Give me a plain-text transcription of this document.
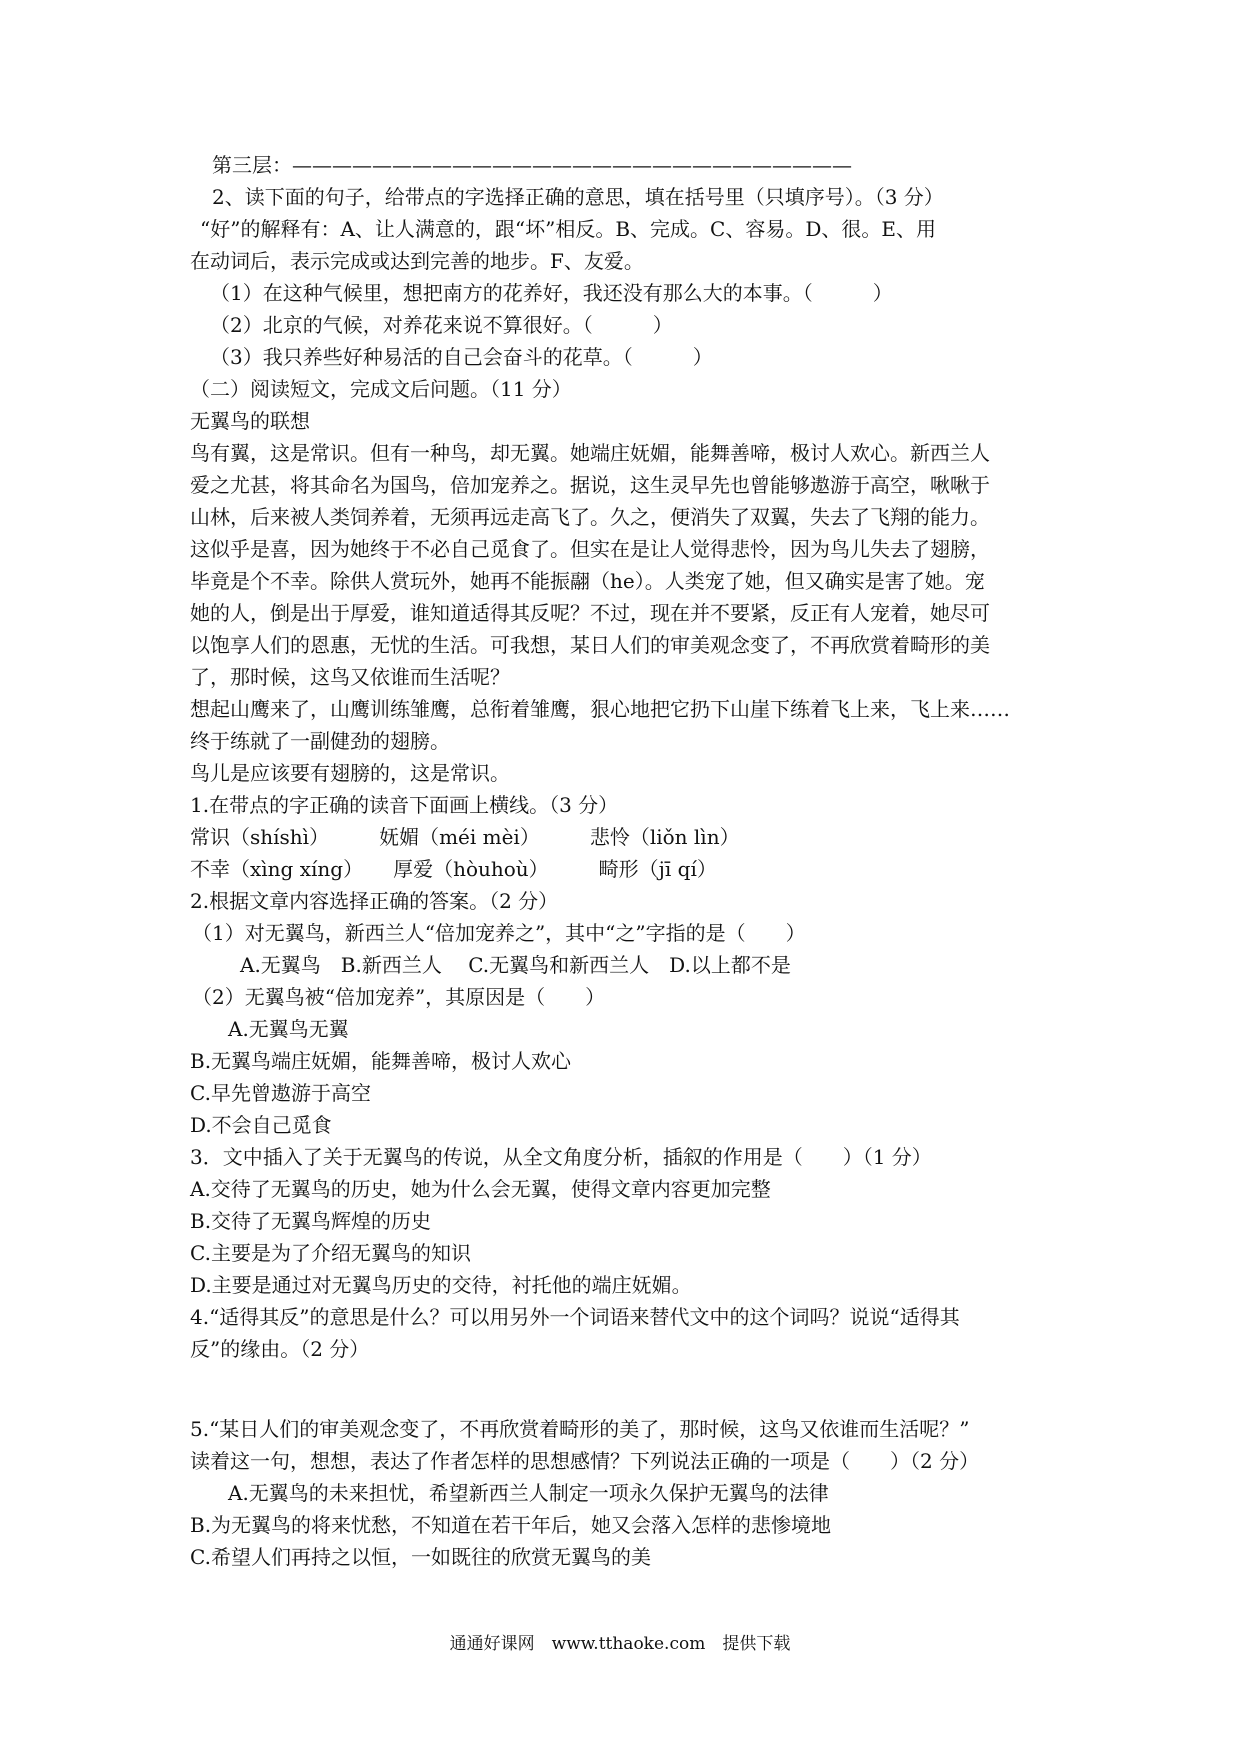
第三层：————————————————————————————
2、读下面的句子，给带点的字选择正确的意思，填在括号里（只填序号）。（3 分）
“好”的解释有：A、让人满意的，跟“坏”相反。B、完成。C、容易。D、很。E、用
在动词后，表示完成或达到完善的地步。F、友爱。
（1）在这种气候里，想把南方的花养好，我还没有那么大的本事。（　　　）
（2）北京的气候，对养花来说不算很好。（　　　）
（3）我只养些好种易活的自己会奋斗的花草。（　　　）
（二）阅读短文，完成文后问题。（11 分）
无翼鸟的联想
鸟有翼，这是常识。但有一种鸟，却无翼。她端庄妩媚，能舞善啼，极讨人欢心。新西兰人
爱之尤甚，将其命名为国鸟，倍加宠养之。据说，这生灵早先也曾能够遨游于高空，啾啾于
山林，后来被人类饲养着，无须再远走高飞了。久之，便消失了双翼，失去了飞翔的能力。
这似乎是喜，因为她终于不必自己觅食了。但实在是让人觉得悲怜，因为鸟儿失去了翅膀，
毕竟是个不幸。除供人赏玩外，她再不能振翮（he）。人类宠了她，但又确实是害了她。宠
她的人，倒是出于厚爱，谁知道适得其反呢？不过，现在并不要紧，反正有人宠着，她尽可
以饱享人们的恩惠，无忧的生活。可我想，某日人们的审美观念变了，不再欣赏着畸形的美
了，那时候，这鸟又依谁而生活呢？
想起山鹰来了，山鹰训练雏鹰，总衔着雏鹰，狠心地把它扔下山崖下练着飞上来，飞上来……
终于练就了一副健劲的翅膀。
鸟儿是应该要有翅膀的，这是常识。
1.在带点的字正确的读音下面画上横线。（3 分）
常识（shíshì）　　　妩媚（méi mèi）　　　悲怜（liǒn lìn）
不幸（xìng xíng）　　厚爱（hòuhoù）　　　畸形（jī qí）
2.根据文章内容选择正确的答案。（2 分）
（1）对无翼鸟，新西兰人“倍加宠养之”，其中“之”字指的是（　　）
A.无翼鸟　B.新西兰人　 C.无翼鸟和新西兰人　D.以上都不是
（2）无翼鸟被“倍加宠养”，其原因是（　　）
A.无翼鸟无翼
B.无翼鸟端庄妩媚，能舞善啼，极讨人欢心
C.早先曾遨游于高空
D.不会自己觅食
3．文中插入了关于无翼鸟的传说，从全文角度分析，插叙的作用是（　　）（1 分）
A.交待了无翼鸟的历史，她为什么会无翼，使得文章内容更加完整
B.交待了无翼鸟辉煌的历史
C.主要是为了介绍无翼鸟的知识
D.主要是通过对无翼鸟历史的交待，衬托他的端庄妩媚。
4.“适得其反”的意思是什么？可以用另外一个词语来替代文中的这个词吗？说说“适得其
反”的缘由。（2 分）
5.“某日人们的审美观念变了，不再欣赏着畸形的美了，那时候，这鸟又依谁而生活呢？”
读着这一句，想想，表达了作者怎样的思想感情？下列说法正确的一项是（　　）（2 分）
A.无翼鸟的未来担忧，希望新西兰人制定一项永久保护无翼鸟的法律
B.为无翼鸟的将来忧愁，不知道在若干年后，她又会落入怎样的悲惨境地
C.希望人们再持之以恒，一如既往的欣赏无翼鸟的美
通通好课网　www.tthaoke.com　提供下载
